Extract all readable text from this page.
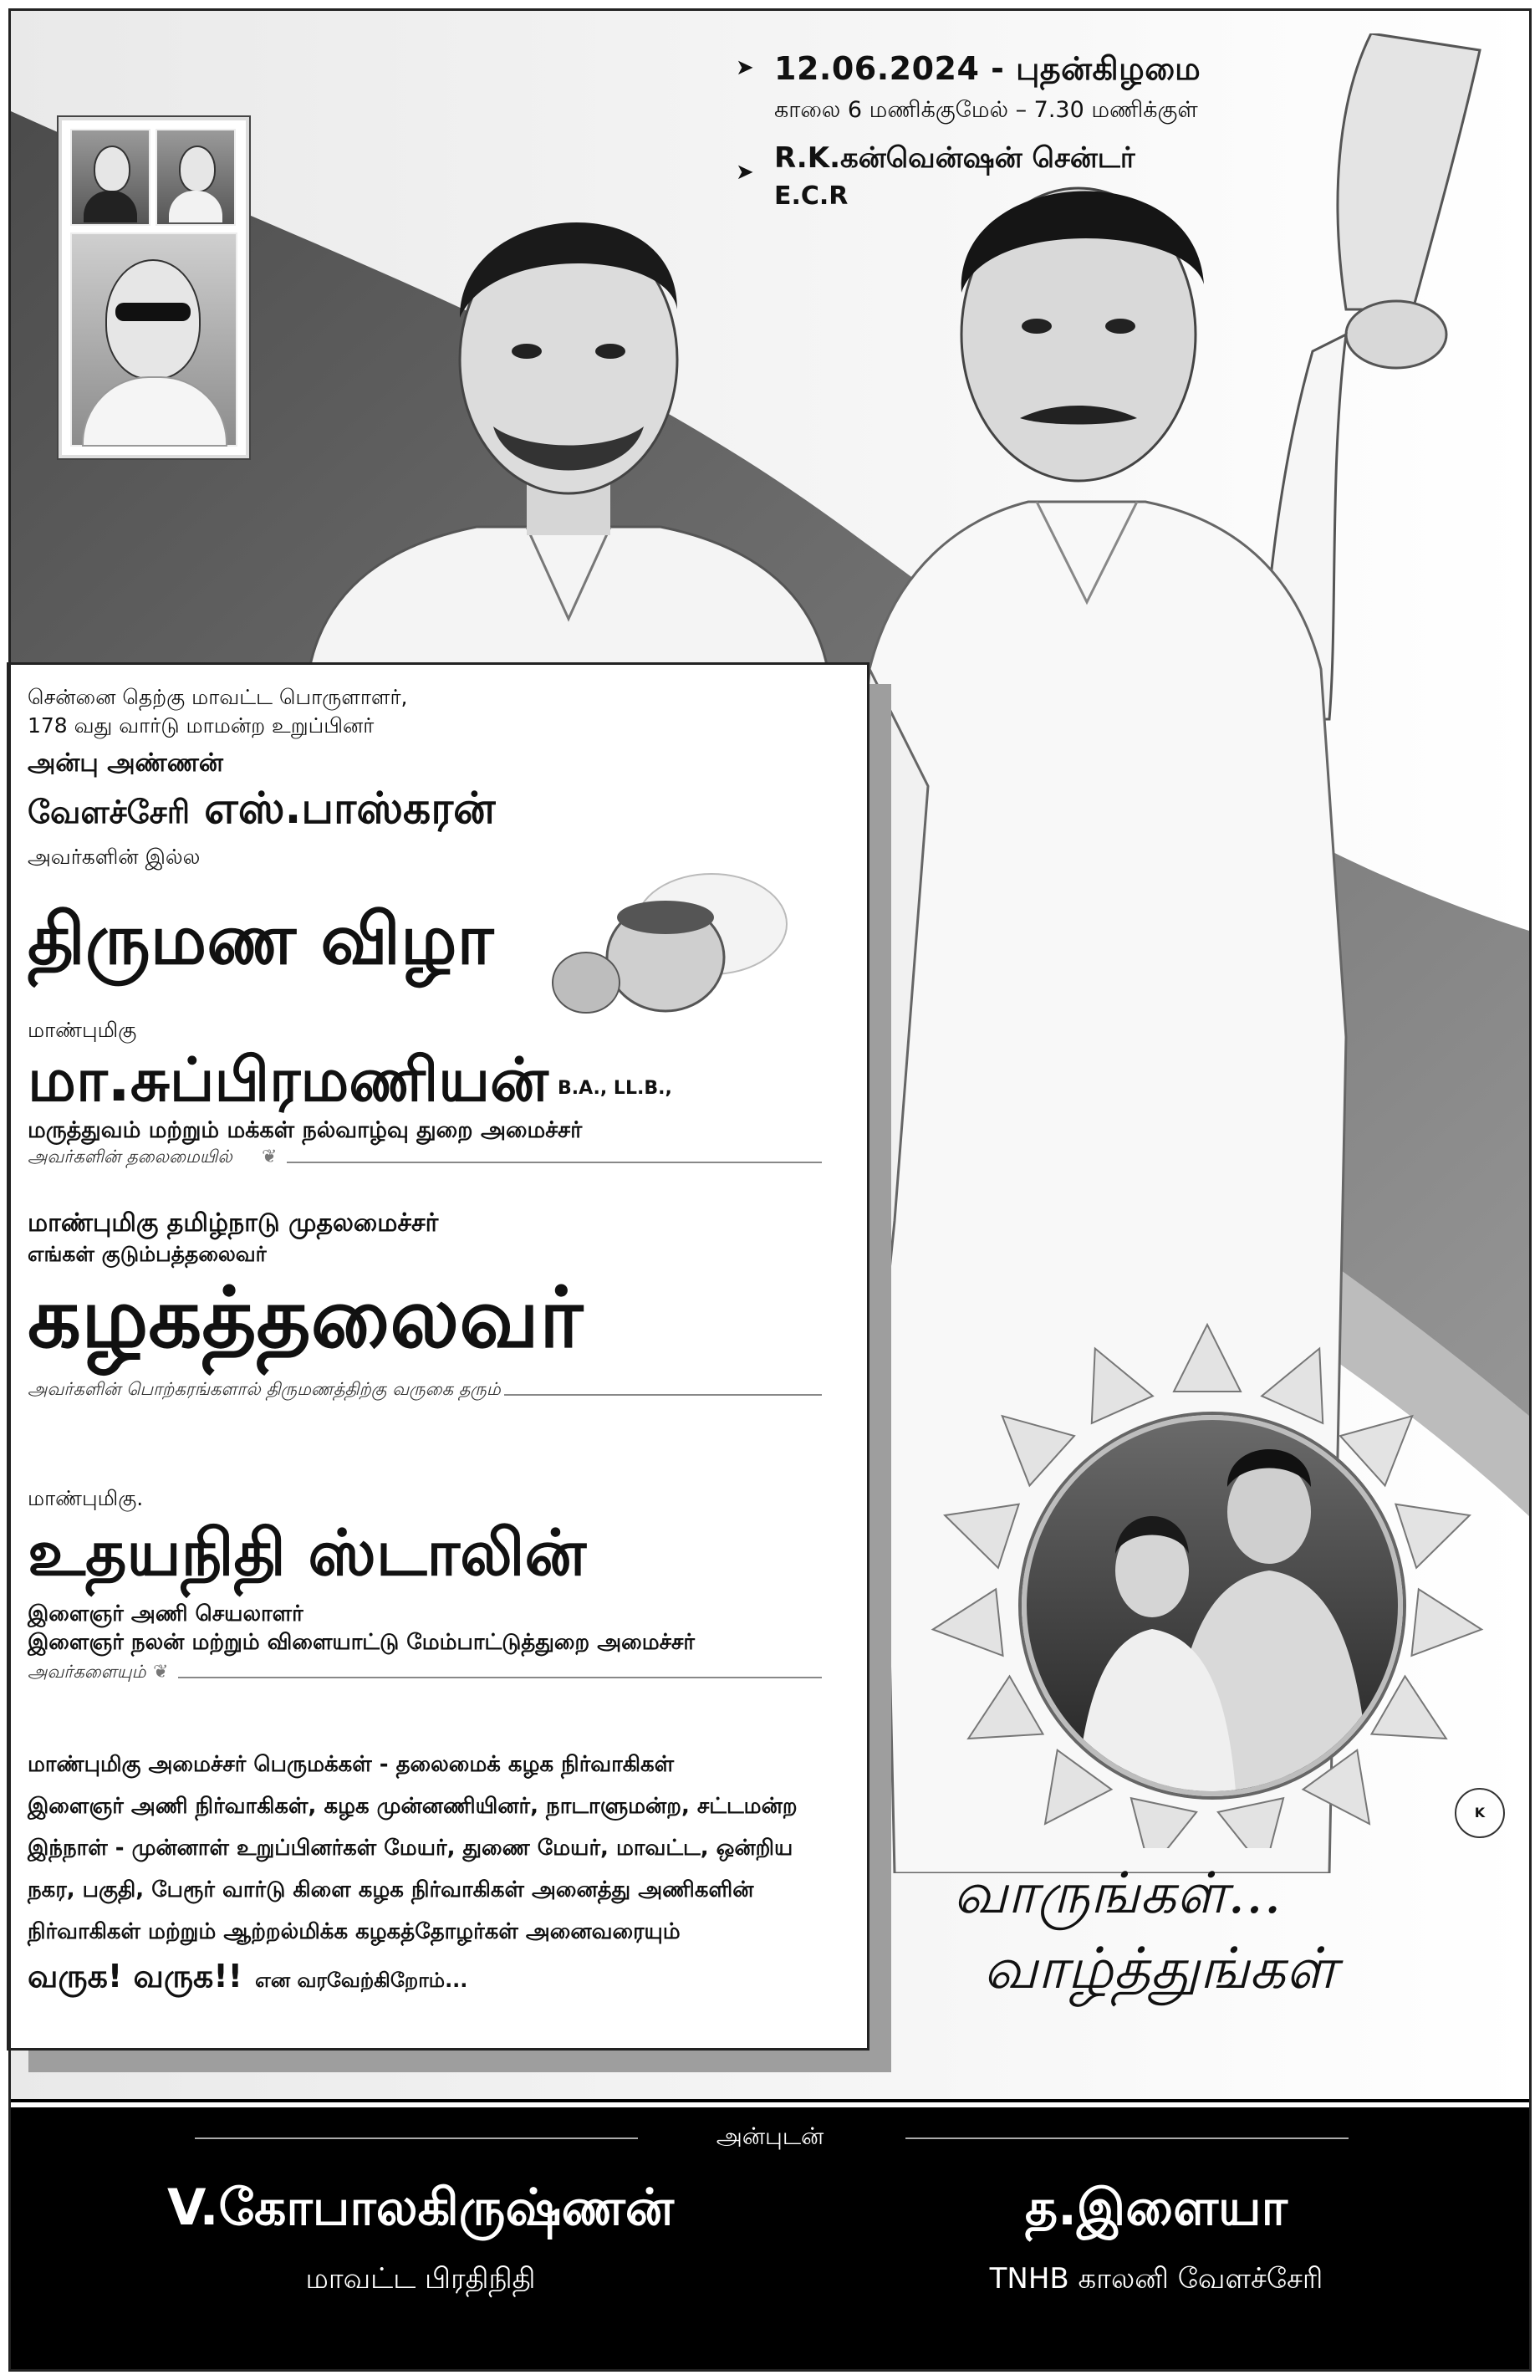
➤ 12.06.2024 - புதன்கிழமை
காலை 6 மணிக்குமேல் – 7.30 மணிக்குள்
➤ R.K.கன்வென்ஷன் சென்டர்
E.C.R
சென்னை தெற்கு மாவட்ட பொருளாளர்,
178 வது வார்டு மாமன்ற உறுப்பினர்
அன்பு அண்ணன்
வேளச்சேரி எஸ்.பாஸ்கரன்
அவர்களின் இல்ல
திருமண விழா
மாண்புமிகு
மா.சுப்பிரமணியன் B.A., LL.B.,
மருத்துவம் மற்றும் மக்கள் நல்வாழ்வு துறை அமைச்சர்
அவர்களின் தலைமையில் ❦
மாண்புமிகு தமிழ்நாடு முதலமைச்சர்
எங்கள் குடும்பத்தலைவர்
கழகத்தலைவர்
அவர்களின் பொற்கரங்களால் திருமணத்திற்கு வருகை தரும்
மாண்புமிகு.
உதயநிதி ஸ்டாலின்
இளைஞர் அணி செயலாளர்
இளைஞர் நலன் மற்றும் விளையாட்டு மேம்பாட்டுத்துறை அமைச்சர்
அவர்களையும் ❦
மாண்புமிகு அமைச்சர் பெருமக்கள் - தலைமைக் கழக நிர்வாகிகள்
இளைஞர் அணி நிர்வாகிகள், கழக முன்னணியினர், நாடாளுமன்ற, சட்டமன்ற
இந்நாள் - முன்னாள் உறுப்பினர்கள் மேயர், துணை மேயர், மாவட்ட, ஒன்றிய
நகர, பகுதி, பேரூர் வார்டு கிளை கழக நிர்வாகிகள் அனைத்து அணிகளின்
நிர்வாகிகள் மற்றும் ஆற்றல்மிக்க கழகத்தோழர்கள் அனைவரையும்
வருக! வருக!! என வரவேற்கிறோம்...
K
வாருங்கள்...
வாழ்த்துங்கள்
அன்புடன்
V.கோபாலகிருஷ்ணன்
மாவட்ட பிரதிநிதி
த.இளையா
TNHB காலனி வேளச்சேரி
